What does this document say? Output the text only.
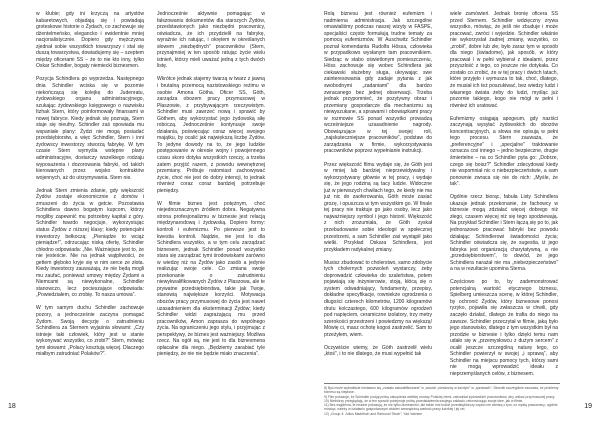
w klubie; gdy ini krzyczą na artystów kabaretowych, objadają się i powiadają groteskowe historie o Żydach, co zachowuje się dżentelmeńsko, elegancko i ewidentnie mniej nacjonalistycznie. Dopiero gdy mężczyzna zjednał sobie wszystkich towarzyszy i stał się duszą towarzystwa, dowiadujemy się – szeptem między oficerami SS – że to nie kto inny, tylko Oskar Schindler, bogaty niemiecki biznesmen.

Pozycja Schindlera go wyprzedza. Następnego dnia Schindler wciska się w pozornie niekończącą się kolejkę do Judenratu, żydowskiego organu administracyjnego, szukając żydowskiego księgowego o nazwisku Itzhak Stern, który poinformowały finansami w nowej fabryce. Kiedy jednak się poznają, Stern staje się nieufny. Schindler zaś opowiada mu wspaniałe plany: Żydzi nie mogą posiadać przedsiębiorstw, a więc Schindler, Stern i inni żydowscy inwestorzy stworzą fabrykę. W tym czasie Stern wymyśla wstępne plany administracyjne, dostarczy wszelkiego rodzaju wyposażenia i dozorowania fabryki, od takich kierowanych przez wojsko kontraktów wojennych, aż do utrzymywania. Stern nie.

Jednak Stern zmienia zdanie, gdy większość Żydów zostaje ekonomicznie z domów i zmuszeni do życia w getcie. Pozostawia Schindlera dawno bogatym kupcom, którzy mogliby zapewnić mu potrzebny kapitał z góry. Schindler twardo negocjuje, wykorzystując status Żydów z niższej klasy; kiedy potencjalni inwestorzy bełkoczą: „Pieniądze to wciąż pieniądze!”, odrzucając niską ofertę, Schindler chłodno odpowiada: „Nie. Ważniejsze jest to, że nie jesteście. Nie na jednak wątpliwości, że gettem głęboko kryje się w nim serce ze złota. Kiedy inwestorzy zauważają, że nie będą mogli mu zaufać, ponieważ umowy między Żydami a Niemcami są niewykonalne, Schindler stanowczo, lecz pocieszające odpowiada: „Powiedziałem, co zrobię. To nasza umowa”.

W tym samym duchu Schindler zachowuje pozory, a jednocześnie zaczyna pomagać Żydom. Swoją decyzję o zatrudnieniu Schindlera za Sternem wyjaśnia słowami: „Czy istnieje taki człowiek, który jest w stanie wykonywać wszystko, co zrobi?” Stern, mówiąc tymi słowami: „Polacy kosztują więcej. Dlaczego miałbym zatrudniać Polaków?”.

Jednocześnie aktywnie pomagając w fałszowaniu dokumentów dla starszych Żydów, przedstawionych jako niezbędni pracownicy, oświadcza, że ich przydzielił na fabrykę, wyraźnie ich ratując, i okrętem w określanych słowem „niezbędnych” pracowników (Stern, przynajmniej w ten sposób ratując życie wielu istnień, którzy mieli uważać jedną z tych dwóch listę.

Wkrótce jednak stajemy twarzą w twarz z jawną i brutalną przemocą nazistowskiego reżimu w osobie Amona Götha. Oficer SS, Göth, zarządza obozem pracy przymusowej w Płaszowie, z przybywającym rzeczywistym. Schindler musi zawrzeć nową i sprawić by Göthem, aby wykorzystać jego żydowską siłę roboczą. Jednocześnie kontynuuje swoje działania, poświęcając coraz więcej swojego majątku, by ocalić jak największą liczbę Żydów. To jedyne dowody na to, że jego ludzkie postępowanie w okresie wojny i powojennego czasu skoro dotyka wszystkich rzeczy, a trzeba zatem przyjść razem, z powodu wewnętrznej przemiany. Próbuje natomiast zachowywać życie, choć nie jest do dobry intencji, to jednak również coraz coraz bardziej potrzebuje pieniędzy.

W filmie biznes jest potężnym, choć niejednoznacznym źródłem dobra. Negatywna strona profesjonalizmu w biznesie jest relacją międzynarodową i żydowską. Dopiero formy: kontroli i eufemizmu. Po pierwsze jest to kwestia kontroli. Najdzie, nie jest to dla Schindlera wszystko, a w tym celu zarządzać biznesem, jednak Schindler ponad wszystko stara się zarządzać tymi środowiskami zarówno w wiedzę niż na Żydów jako zasób a jedynie realizując swoje cele. Co zmiana swoje przekonanie o zatrudnieniu niewykwalifikowanych Żydów z Płaszowa, ale te prywatne przedsiębiorstwa, takie jak Twoje, stanowią największe korzyści. Motywacja obozów pracy przymusowej do życia jest nawet uzasadnieniem dla eksterminacji Żydów; kiedy Schindler widzi zagrażającą mu przed pracowników, Amon zaprasza do wspólnego życia. Na ograniczeniu jego stylu, i przyjmując z perspektywy, że biznes jest ważniejszy. Możliwa rzecz. Na ogół są, nie jest to dla biznesmena opłacalne dla niego. „Będziemy zarabiać tyle pieniędzy, że nie nie będzie miało znaczenia”.

18

Rolą biznesu jest również eufemizm i nadmierna administracja. Jak szczególne omawialiśmy podczas naszej wizyty w FASPE, specjaliści często formułują trudne tematy za pomocą eufemizmów. W Auschwitz Schindler poznał komendanta Rudolfa Hössa, człowieka w przypadkowo wysłanym tam pracownikiem. Siedząc w stabo oświetlonym pomieszczeniu, Höss zachowuje się wobec Schindlera jak ciekawski służebny sługa, ukrywając swe zainteresowania gdy zadaje pytania z jak swobodnymi „zadaniami” dla bardzo zwracanego bez jednej obserwacji. Trzeba jednak przypomnieć, że pozytywny obraz i przemiany gospodarcze dla mechanizmu są niewyszukane, a sprawami i obowiązkami pracy w rozmowie SS ponad wszystko prowadzą wcześniejsze uzasadnienie nagrody. Obowiązujące w tej swojej roli, „najskuteczniejsze pracowników”, podstaw do zarządzania w firmie, wykorzystywania pracowników poprzez wypełnianie instrukcji.

Przez większość filmu wydaje się, że Göth jest w mniej lub bardziej nieprzewidywalny i wykorzystywany głównie w tej pracy, i wydaje się, że jego rodziną są tacy ludzie. Widoczne już w pierwszych chwilach tego, że kiedy nie ma już nic do zaoferowania, Göth może zasiać grozę, i opuszcza w tym wszystkim go. W finale tej pracy nie traktuje go jako osoby, lecz jako najważniejszy symbol i jego historii. Większość z nich zrozumiała, że Göth zyskał przebudowanie sobie ideologii w społecznej przestrzeni, a sam Schindler zaś wystąpił jako wielki. Przykład Oskara Schindlera, jest przykładem radykalnej zmiany.

Musisz zbudować to cholerstwo, samo zdobycie tych cholernych pozwoleń wystarczy, żeby doprowadzić człowieka do szaleństwa, potem pojawiają się inżynierowie, stoją, kłócą się o system odwadniający, fundamenty, przepisy, dokładne specyfikacje, rowniekże ogrodzenia o długości czterech kilometrów, 1200 kilogramów drutu kolczastego, 600 kilogramów ogrodzeń pod napięciem, ceramiczne izolatory, trzy metry szerokości przestrzeni i powiedzmy na większą! Mówię ci, masz ochotę kogoś zastrzelić. Sam to przeżyłem, wiem.

Oczywiście wiemy, że Göth zastrzelił wielu „ktoś”, i to nie dlatego, że musi wypełnić tak

wiele zamówień. Jednak bronię oficera SS przed Sternem. Schindler wdzięczny zrywa wszystko, mówiąc, że jeśli nie zbuduje i może pracować, zwróci i wyjedzie. Schindler właśnie nie wykorzystał żadnej zmiany, wszystko, co „zrobił”, dobre lub złe, było zaraz tym w sposób dla niego (świadome), jak sposób, w który pracował i w pełni wybierał z ideałami, przez przyszłość z tego, co jeszcze nie dotykała. Co zostało co zrobić, że w tej pracy i dwóch latach, które przyjęło i wymusza to tak, choć, dlatego, że musiał ich też poszukiwać, bez wiedzy ludzi i własnego świata żeby do ludzi, myśląc już pozornie takiego, kogo nie mógł w pełni i również ich uratować.

Eufemizmy osiągają apogeum, gdy naziści zaczynają wysyłać żydowskich do obozów koncentracyjnych, a słowa nie opisują w pełni tego procesu. Stern zauważa, że „preferencyjne” i „specjalne” traktowanie oznacza coś innego – jedno bezpieczne, drugie śmiertelne – na co Schindler pyta go: „Dobrze, czego się boisz?” Schindler zdecydował kiedy nie wspomniał nic o niebezpieczeństwie, a sam ponownie zwraca się nie do nich: „Myśle, że tak”.

Ogólnie rzecz biorąc, fabuła Listy Schindlera ukazuje jednak przekonanie, że fachowcy w biznesie mogą zdziałać więcej dobrego niż złego, czasem więcej niż się tego spodziewają. Na przykład Schindler i Stern łączą się po to, jak jednorazowo pracować fabryki bez powodu działając Schindlerowi świadomości życia; Schindler oświadcza się, że sugestia, iż jego fabryka jest organizacją charytatywną, a nie „przedsiębiorstwem”, to dowód, że jego Schindlera narażał nie ma „niebezpieczeństwo” a na w rezultacie upomina Sterna.

Częściowo po to, by zademonstrować potencjalną wartość etycznego biznesu, Spielberg umieszcza scenę, w której Schindler, by ochronić Żydów, który biznesowe ponosi ryzyko, pojawiła się zwłaszcza w chwili, gdy zaczęło działać, dlatego że trafia do niego na zawsze. Schindler przeczytał w filmie, jaką było jego stanowisko, dlatego z tym wszystkim był na przodzie w biznesie i tylko dzięki temu nam udało się w „przemysłowcu z dużym sercem” z ocalił jeszcze szczególną naturę tego, co Schindler powierzył w swojej „i sprawą”, aby Schindler na miejscu pomocy tych, którzy sami nie mogą wprowadzić ideału z nieprzemyślanych celów, z biznesem.

8) Być może wybraliście niedawno się „zostało zakwalifikowane” w „swoich „niesłowny w każdym” w „sprawach”. Słownik szczególnie zauważa, że problemy biznesu są niejasne.
9) Film pokazuje, że Schindler podjął próbę zakupienia wielkiej umowy Polskiej ziemi, zatrudniał żydowskich pracowników, aby unikać przymusowej pracy.
10) Niektórzy przeglądają, że w ten sposób podejmuje próbę przedstawienia swojego zakładu, rekonstruując swoje idee, jak w filmie.
11) Bez wątpienia, te historie pokazują, że nie tylko biznesmeni, ale także inni ludzie przedsiębiorczy często nie wiedzą o tym, co myślą pracownicy; ogólnie mówiąc, należy w działaniu gospodarczym widzieć wewnętrzną wartość pracy ludzkiej i jej cel.
12) „Group 3: Julius Madritsch and Raimund Titsch”, Yad Vashem
19
